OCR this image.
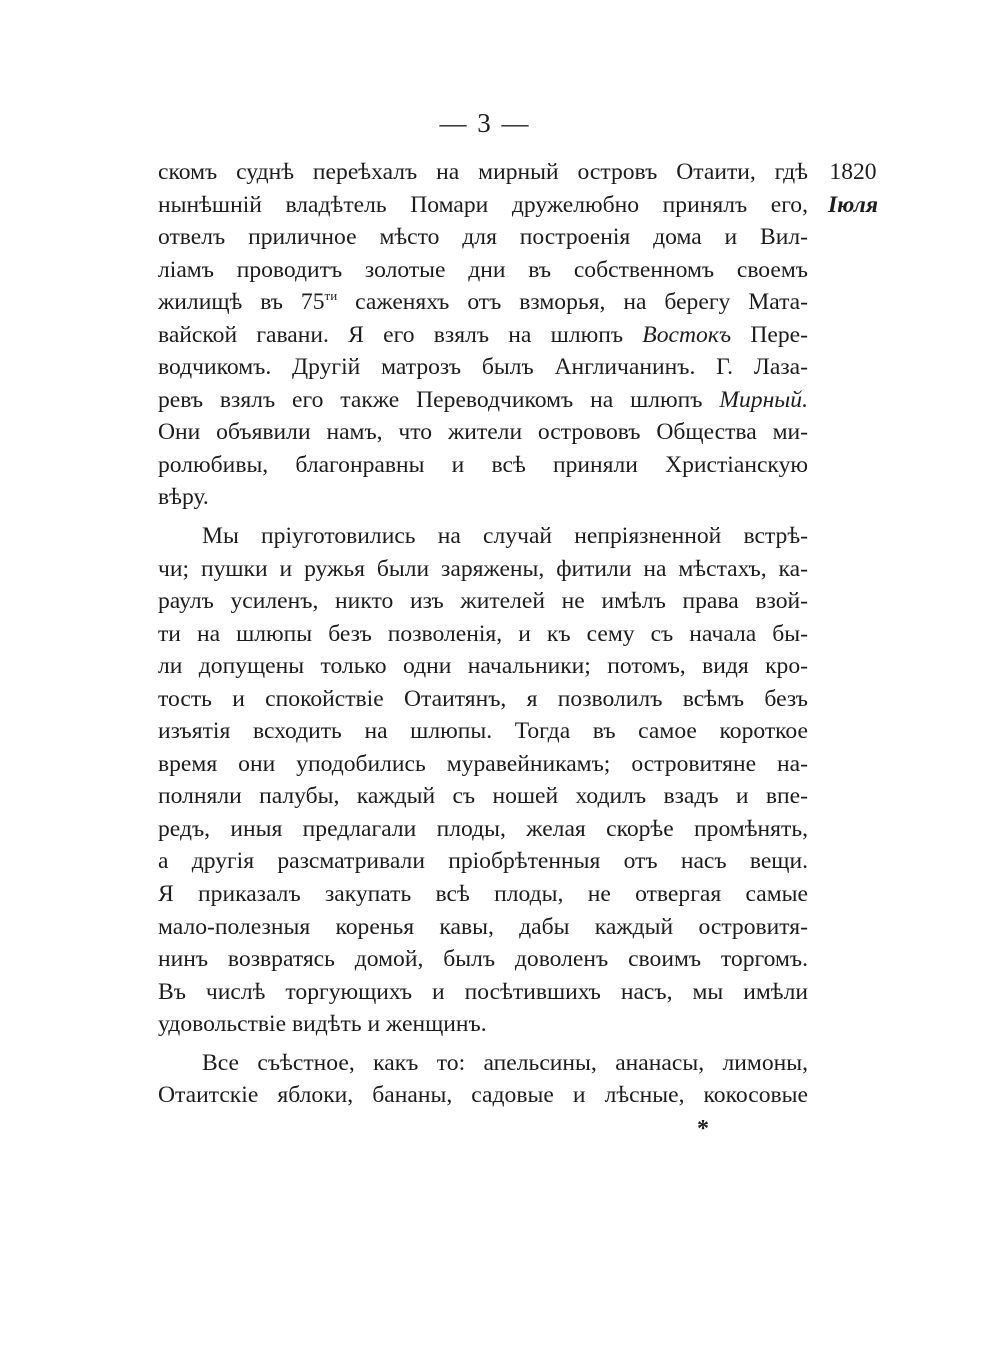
— 3 —
1820
Іюля
скомъ суднѣ переѣхалъ на мирный островъ Отаити, гдѣ
нынѣшній владѣтель Помари дружелюбно принялъ его,
отвелъ приличное мѣсто для построенія дома и Вил-
ліамъ проводитъ золотые дни въ собственномъ своемъ
жилищѣ въ $75^{ти}$ саженяхъ отъ взморья, на берегу Мата-
вайской гавани. Я его взялъ на шлюпъ Востокъ Пере-
водчикомъ. Другій матрозъ былъ Англичанинъ. Г. Лаза-
ревъ взялъ его также Переводчикомъ на шлюпъ Мирный.
Они объявили намъ, что жители острововъ Общества ми-
ролюбивы, благонравны и всѣ приняли Христіанскую
вѣру.
Мы пріуготовились на случай непріязненной встрѣ-
чи; пушки и ружья были заряжены, фитили на мѣстахъ, ка-
раулъ усиленъ, никто изъ жителей не имѣлъ права взой-
ти на шлюпы безъ позволенія, и къ сему съ начала бы-
ли допущены только одни начальники; потомъ, видя кро-
тость и спокойствіе Отаитянъ, я позволилъ всѣмъ безъ
изъятія всходить на шлюпы. Тогда въ самое короткое
время они уподобились муравейникамъ; островитяне на-
полняли палубы, каждый съ ношей ходилъ взадъ и впе-
редъ, иныя предлагали плоды, желая скорѣе промѣнять,
а другія разсматривали пріобрѣтенныя отъ насъ вещи.
Я приказалъ закупать всѣ плоды, не отвергая самые
мало-полезныя коренья кавы, дабы каждый островитя-
нинъ возвратясь домой, былъ доволенъ своимъ торгомъ.
Въ числѣ торгующихъ и посѣтившихъ насъ, мы имѣли
удовольствіе видѣть и женщинъ.
Все съѣстное, какъ то: апельсины, ананасы, лимоны,
Отаитскіе яблоки, бананы, садовые и лѣсные, кокосовые
*
